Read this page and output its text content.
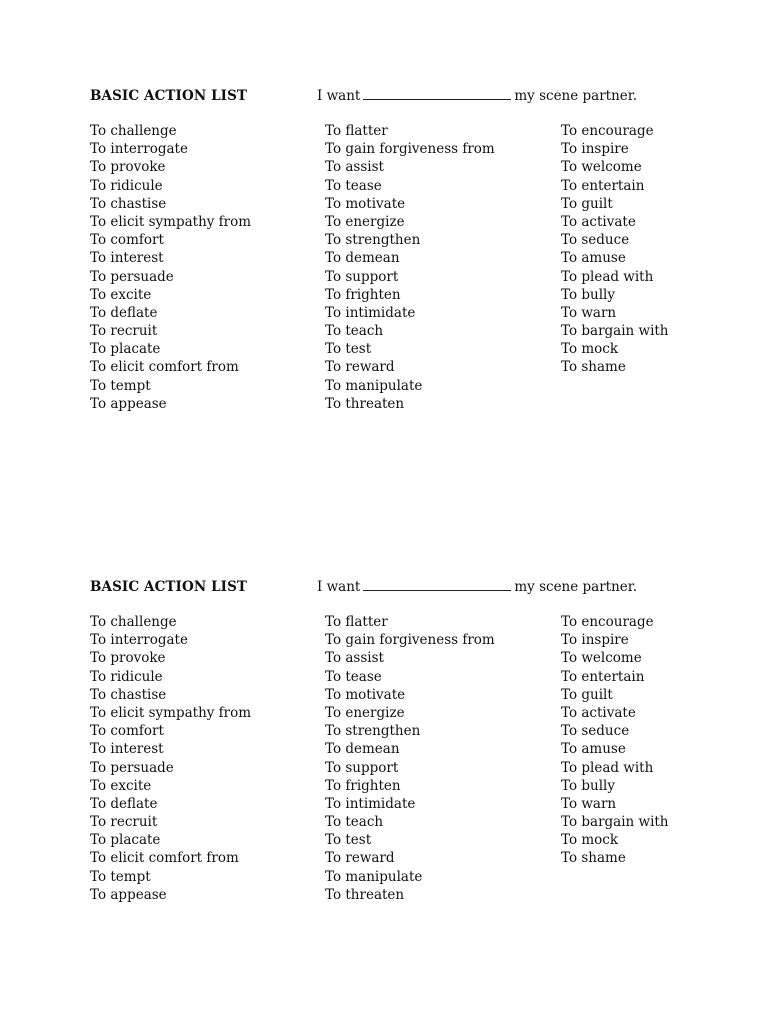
BASIC ACTION LIST	I want	my scene partner.
To challenge
To interrogate
To provoke
To ridicule
To chastise
To elicit sympathy from
To comfort
To interest
To persuade
To excite
To deflate
To recruit
To placate
To elicit comfort from
To tempt
To appease
To flatter
To gain forgiveness from
To assist
To tease
To motivate
To energize
To strengthen
To demean
To support
To frighten
To intimidate
To teach
To test
To reward
To manipulate
To threaten
To encourage
To inspire
To welcome
To entertain
To guilt
To activate
To seduce
To amuse
To plead with
To bully
To warn
To bargain with
To mock
To shame
BASIC ACTION LIST	I want	my scene partner.
To challenge
To interrogate
To provoke
To ridicule
To chastise
To elicit sympathy from
To comfort
To interest
To persuade
To excite
To deflate
To recruit
To placate
To elicit comfort from
To tempt
To appease
To flatter
To gain forgiveness from
To assist
To tease
To motivate
To energize
To strengthen
To demean
To support
To frighten
To intimidate
To teach
To test
To reward
To manipulate
To threaten
To encourage
To inspire
To welcome
To entertain
To guilt
To activate
To seduce
To amuse
To plead with
To bully
To warn
To bargain with
To mock
To shame
